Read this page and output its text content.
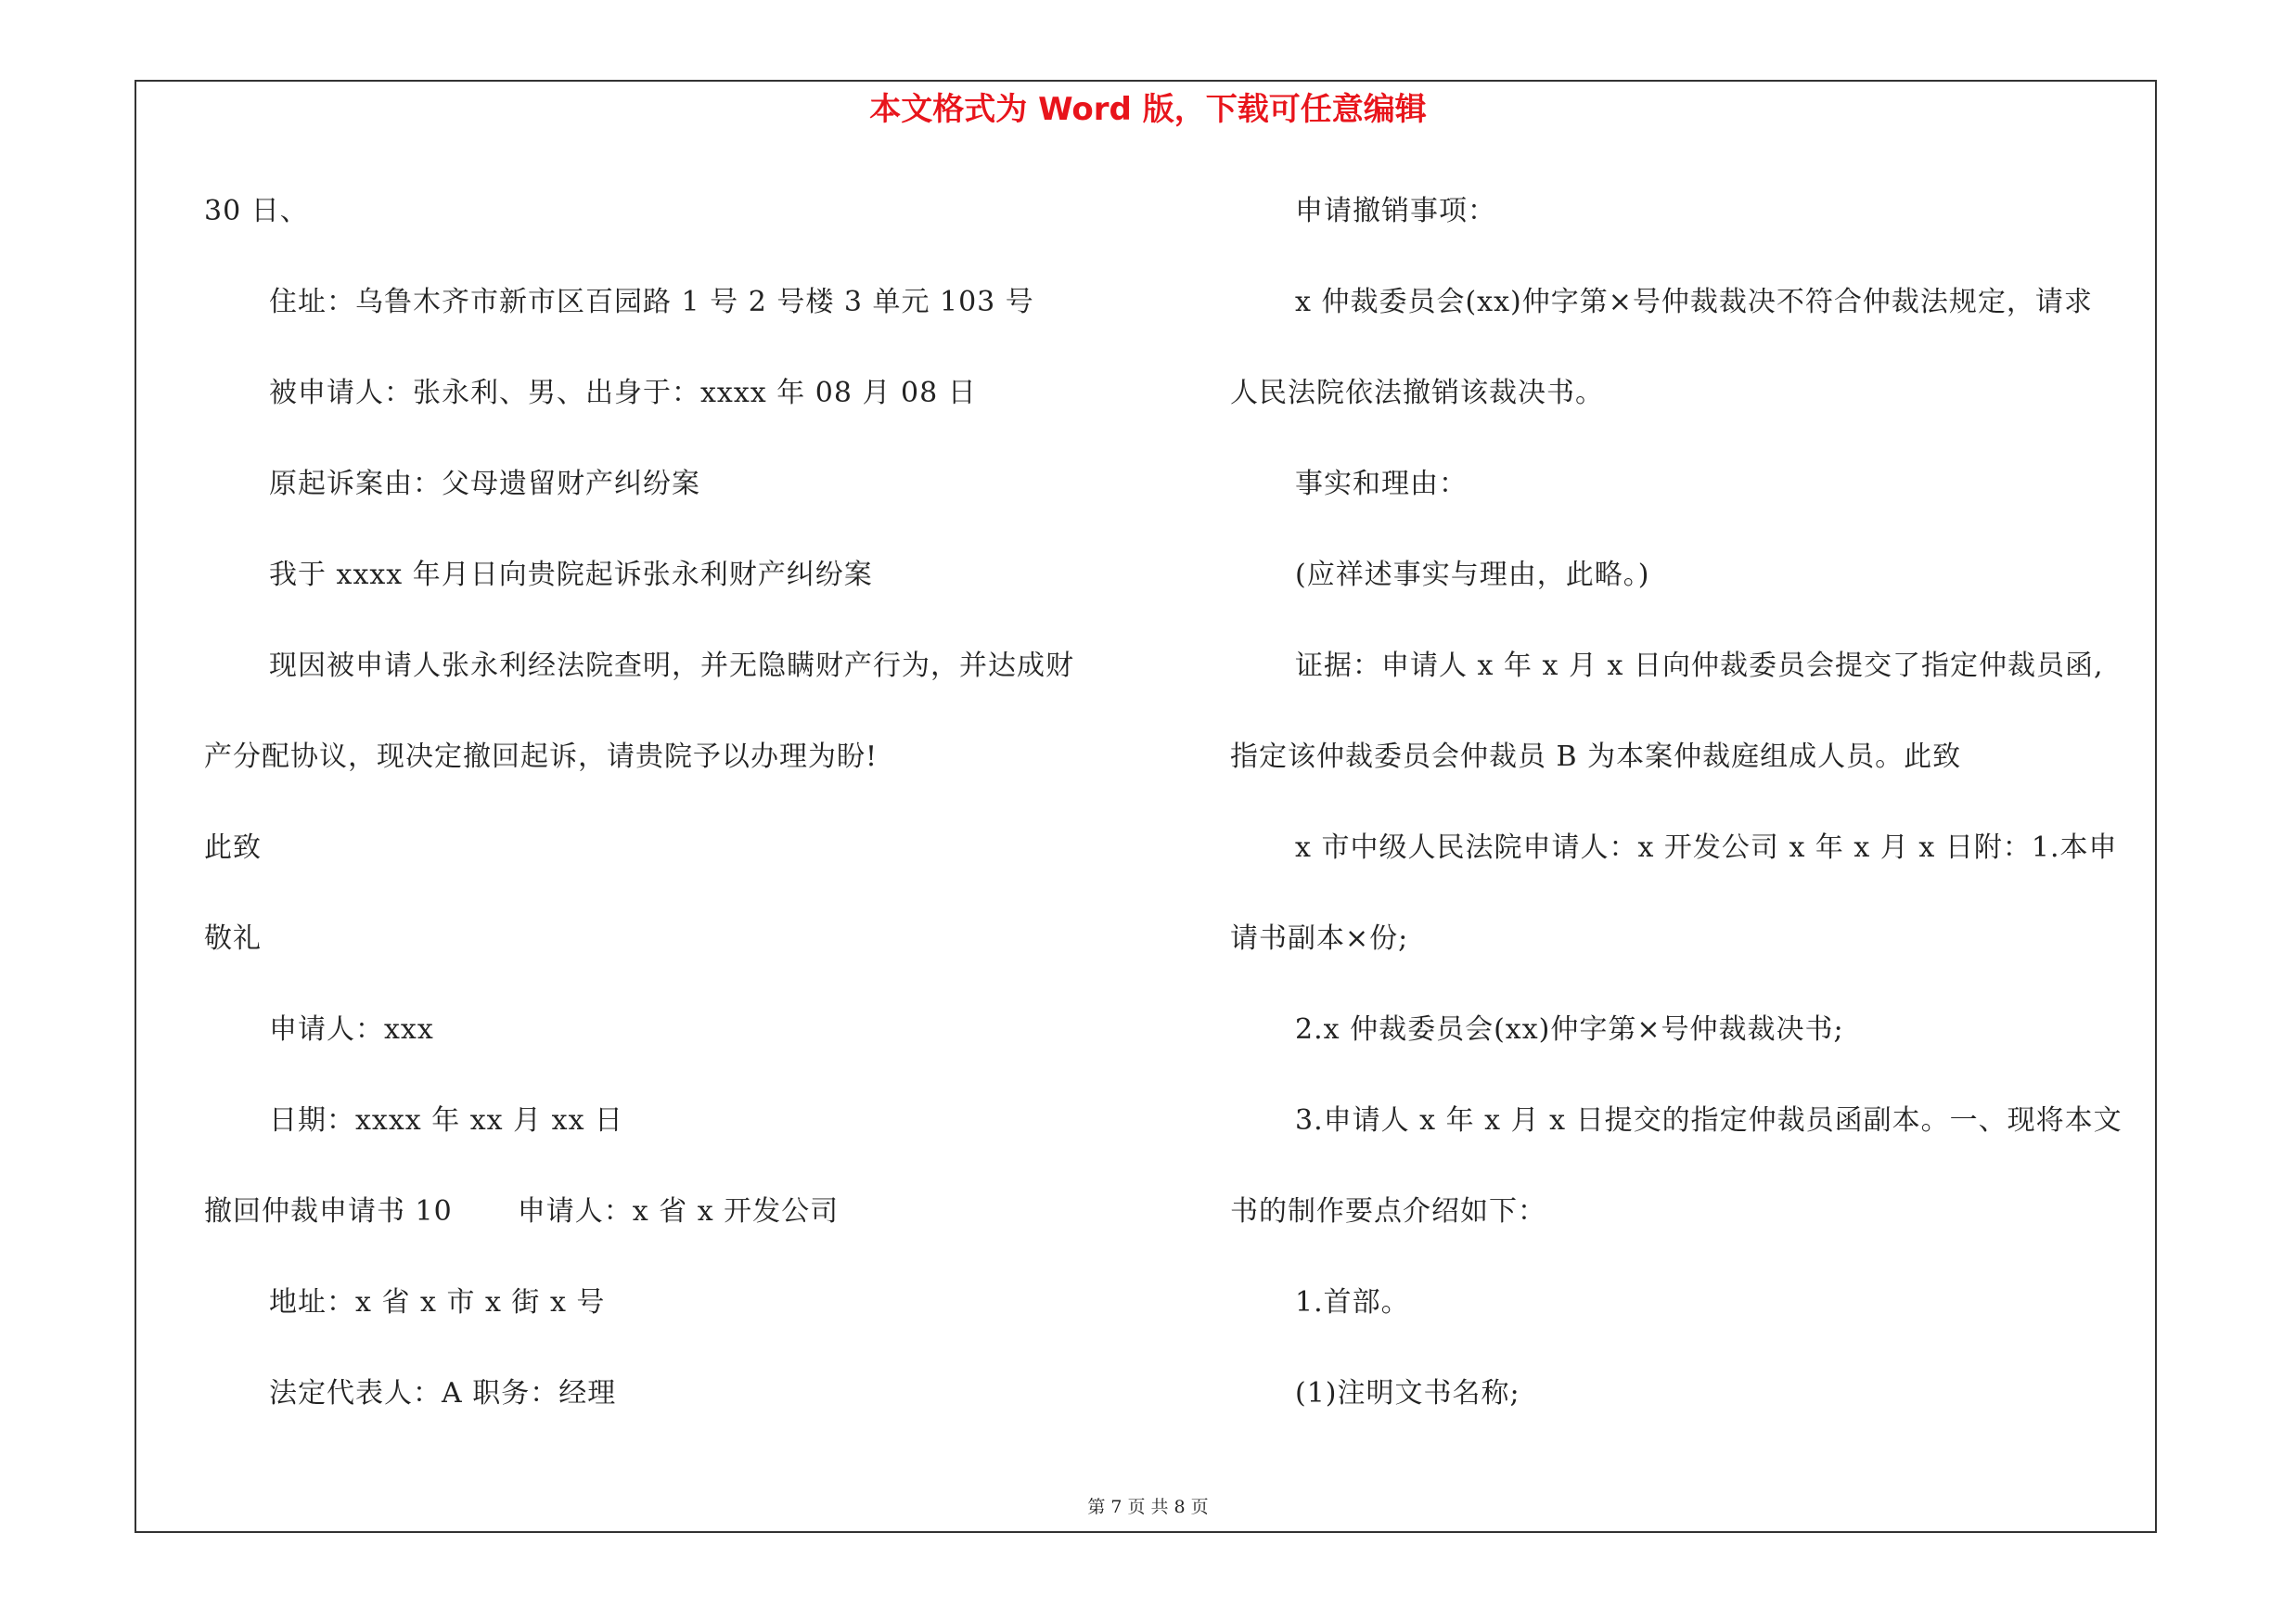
本文格式为 Word 版，下载可任意编辑
30 日、
住址：乌鲁木齐市新市区百园路 1 号 2 号楼 3 单元 103 号
被申请人：张永利、男、出身于：xxxx 年 08 月 08 日
原起诉案由：父母遗留财产纠纷案
我于 xxxx 年月日向贵院起诉张永利财产纠纷案
现因被申请人张永利经法院查明，并无隐瞒财产行为，并达成财
产分配协议，现决定撤回起诉，请贵院予以办理为盼!
此致
敬礼
申请人：xxx
日期：xxxx 年 xx 月 xx 日
撤回仲裁申请书 10 申请人：x 省 x 开发公司
地址：x 省 x 市 x 街 x 号
法定代表人：A 职务：经理
申请撤销事项：
x 仲裁委员会(xx)仲字第×号仲裁裁决不符合仲裁法规定，请求
人民法院依法撤销该裁决书。
事实和理由：
(应祥述事实与理由，此略。)
证据：申请人 x 年 x 月 x 日向仲裁委员会提交了指定仲裁员函,
指定该仲裁委员会仲裁员 B 为本案仲裁庭组成人员。此致
x 市中级人民法院申请人：x 开发公司 x 年 x 月 x 日附：1.本申
请书副本×份;
2.x 仲裁委员会(xx)仲字第×号仲裁裁决书;
3.申请人 x 年 x 月 x 日提交的指定仲裁员函副本。一、现将本文
书的制作要点介绍如下：
1.首部。
(1)注明文书名称;
第 7 页 共 8 页
